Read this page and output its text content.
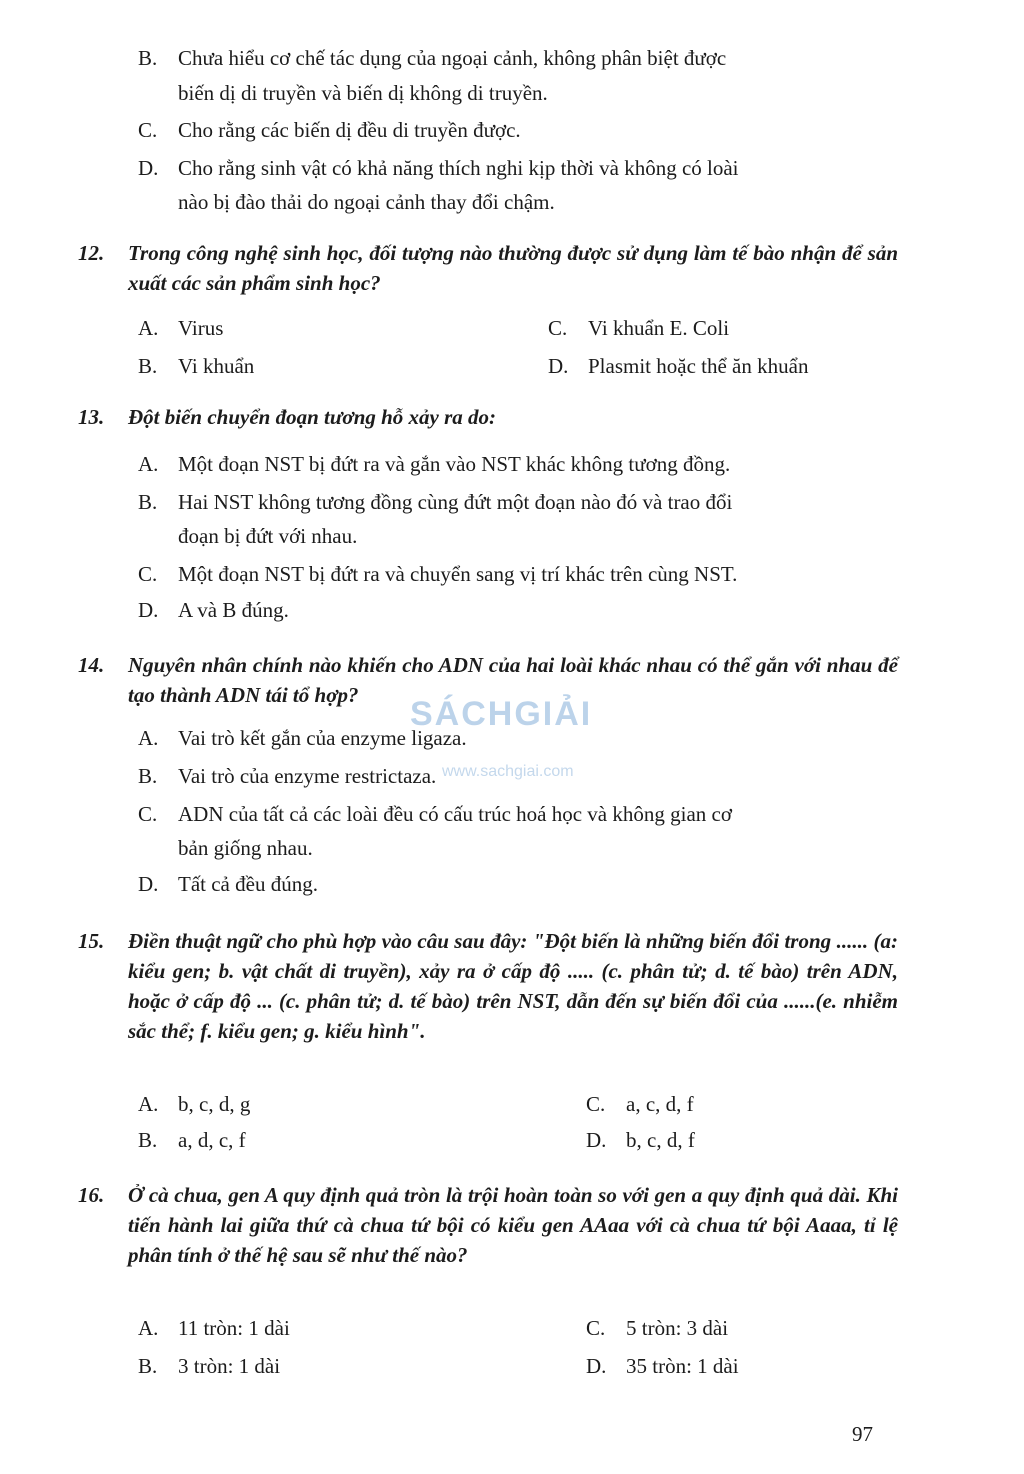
B. Chưa hiểu cơ chế tác dụng của ngoại cảnh, không phân biệt được
biến dị di truyền và biến dị không di truyền.
C. Cho rằng các biến dị đều di truyền được.
D. Cho rằng sinh vật có khả năng thích nghi kịp thời và không có loài
nào bị đào thải do ngoại cảnh thay đổi chậm.
12.	Trong công nghệ sinh học, đối tượng nào thường được sử dụng làm tế bào nhận để sản xuất các sản phẩm sinh học?
A. Virus	C. Vi khuẩn E. Coli
B. Vi khuẩn	D. Plasmit hoặc thể ăn khuẩn
13.	Đột biến chuyển đoạn tương hỗ xảy ra do:
A. Một đoạn NST bị đứt ra và gắn vào NST khác không tương đồng.
B. Hai NST không tương đồng cùng đứt một đoạn nào đó và trao đổi
đoạn bị đứt với nhau.
C. Một đoạn NST bị đứt ra và chuyển sang vị trí khác trên cùng NST.
D. A và B đúng.
14.	Nguyên nhân chính nào khiến cho ADN của hai loài khác nhau có thể gắn với nhau để tạo thành ADN tái tổ hợp?
A. Vai trò kết gắn của enzyme ligaza.
B. Vai trò của enzyme restrictaza.
C. ADN của tất cả các loài đều có cấu trúc hoá học và không gian cơ
bản giống nhau.
D. Tất cả đều đúng.
SÁCHGIẢI
www.sachgiai.com
15.	Điền thuật ngữ cho phù hợp vào câu sau đây: "Đột biến là những biến đổi trong ...... (a: kiểu gen; b. vật chất di truyền), xảy ra ở cấp độ ..... (c. phân tử; d. tế bào) trên ADN, hoặc ở cấp độ ... (c. phân tử; d. tế bào) trên NST, dẫn đến sự biến đổi của ......(e. nhiễm sắc thể; f. kiểu gen; g. kiểu hình".
A. b, c, d, g	C. a, c, d, f
B. a, d, c, f	D. b, c, d, f
16.	Ở cà chua, gen A quy định quả tròn là trội hoàn toàn so với gen a quy định quả dài. Khi tiến hành lai giữa thứ cà chua tứ bội có kiểu gen AAaa với cà chua tứ bội Aaaa, tỉ lệ phân tính ở thế hệ sau sẽ như thế nào?
A. 11 tròn: 1 dài	C. 5 tròn: 3 dài
B. 3 tròn: 1 dài	D. 35 tròn: 1 dài
97
